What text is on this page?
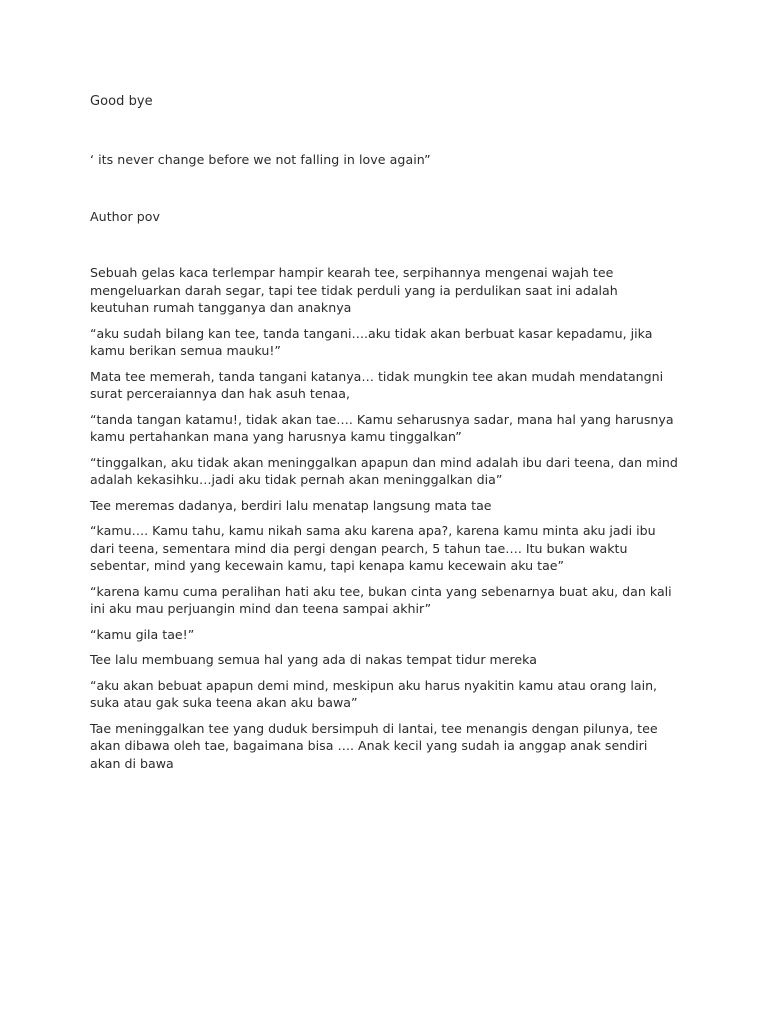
Good bye

‘ its never change before we not falling in love again”

Author pov

Sebuah gelas kaca terlempar hampir kearah tee, serpihannya mengenai wajah tee mengeluarkan darah segar, tapi tee tidak perduli yang ia perdulikan saat ini adalah keutuhan rumah tangganya dan anaknya

“aku sudah bilang kan tee, tanda tangani….aku tidak akan berbuat kasar kepadamu, jika kamu berikan semua mauku!”

Mata tee memerah, tanda tangani katanya… tidak mungkin tee akan mudah mendatangni surat perceraiannya dan hak asuh tenaa,

“tanda tangan katamu!, tidak akan tae…. Kamu seharusnya sadar, mana hal yang harusnya kamu pertahankan mana yang harusnya kamu tinggalkan”

“tinggalkan, aku tidak akan meninggalkan apapun dan mind adalah ibu dari teena, dan mind adalah kekasihku…jadi aku tidak pernah akan meninggalkan dia”

Tee meremas dadanya, berdiri lalu menatap langsung mata tae

“kamu…. Kamu tahu, kamu nikah sama aku karena apa?, karena kamu minta aku jadi ibu dari teena, sementara mind dia pergi dengan pearch, 5 tahun tae…. Itu bukan waktu sebentar, mind yang kecewain kamu, tapi kenapa kamu kecewain aku tae”

“karena kamu cuma peralihan hati aku tee, bukan cinta yang sebenarnya buat aku, dan kali ini aku mau perjuangin mind dan teena sampai akhir”

“kamu gila tae!”

Tee lalu membuang semua hal yang ada di nakas tempat tidur mereka

“aku akan bebuat apapun demi mind, meskipun aku harus nyakitin kamu atau orang lain, suka atau gak suka teena akan aku bawa”

Tae meninggalkan tee yang duduk bersimpuh di lantai, tee menangis dengan pilunya, tee akan dibawa oleh tae, bagaimana bisa …. Anak kecil yang sudah ia anggap anak sendiri akan di bawa
